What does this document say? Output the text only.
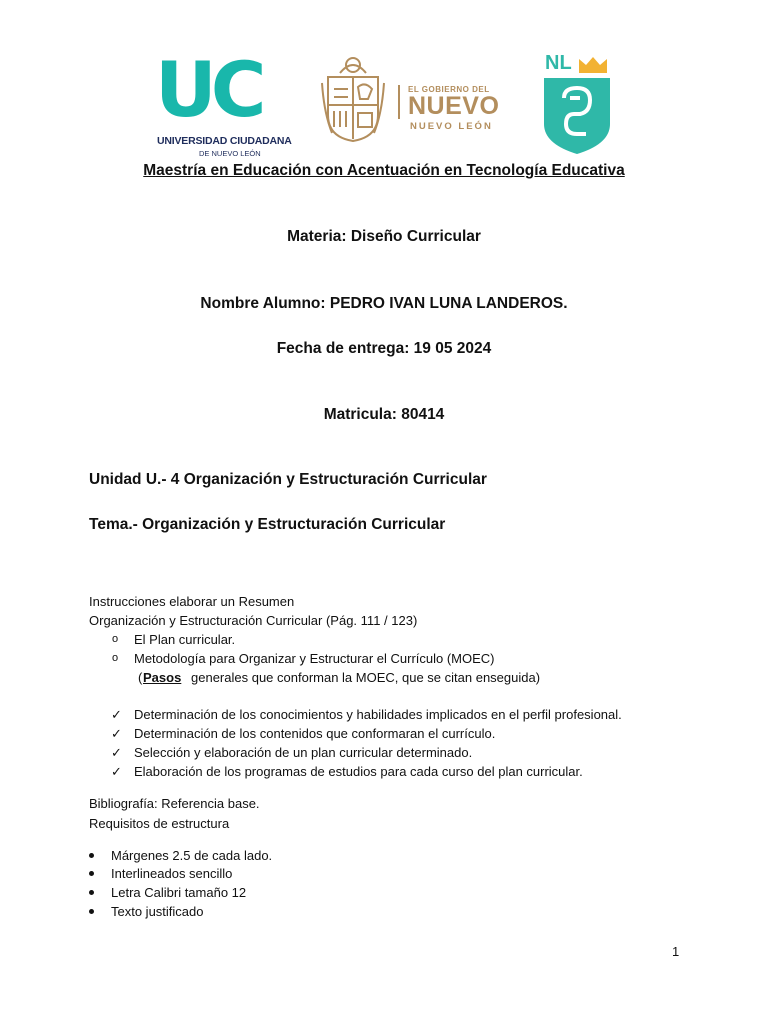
UC
UNIVERSIDAD CIUDADANA
DE NUEVO LEÓN
EL GOBIERNO DEL
NUEVO
NUEVO LEÓN
NL
Maestría en Educación con Acentuación en Tecnología Educativa
Materia: Diseño Curricular
Nombre Alumno: PEDRO IVAN LUNA LANDEROS.
Fecha de entrega: 19 05 2024
Matricula: 80414
Unidad U.- 4 Organización y Estructuración Curricular
Tema.- Organización y Estructuración Curricular
Instrucciones elaborar un Resumen
Organización y Estructuración Curricular (Pág. 111 / 123)
o El Plan curricular.
o Metodología para Organizar y Estructurar el Currículo (MOEC)
( Pasos generales que conforman la MOEC, que se citan enseguida)
✓ Determinación de los conocimientos y habilidades implicados en el perfil profesional.
✓ Determinación de los contenidos que conformaran el currículo.
✓ Selección y elaboración de un plan curricular determinado.
✓ Elaboración de los programas de estudios para cada curso del plan curricular.
Bibliografía: Referencia base.
Requisitos de estructura
Márgenes 2.5 de cada lado.
Interlineados sencillo
Letra Calibri tamaño 12
Texto justificado
1
